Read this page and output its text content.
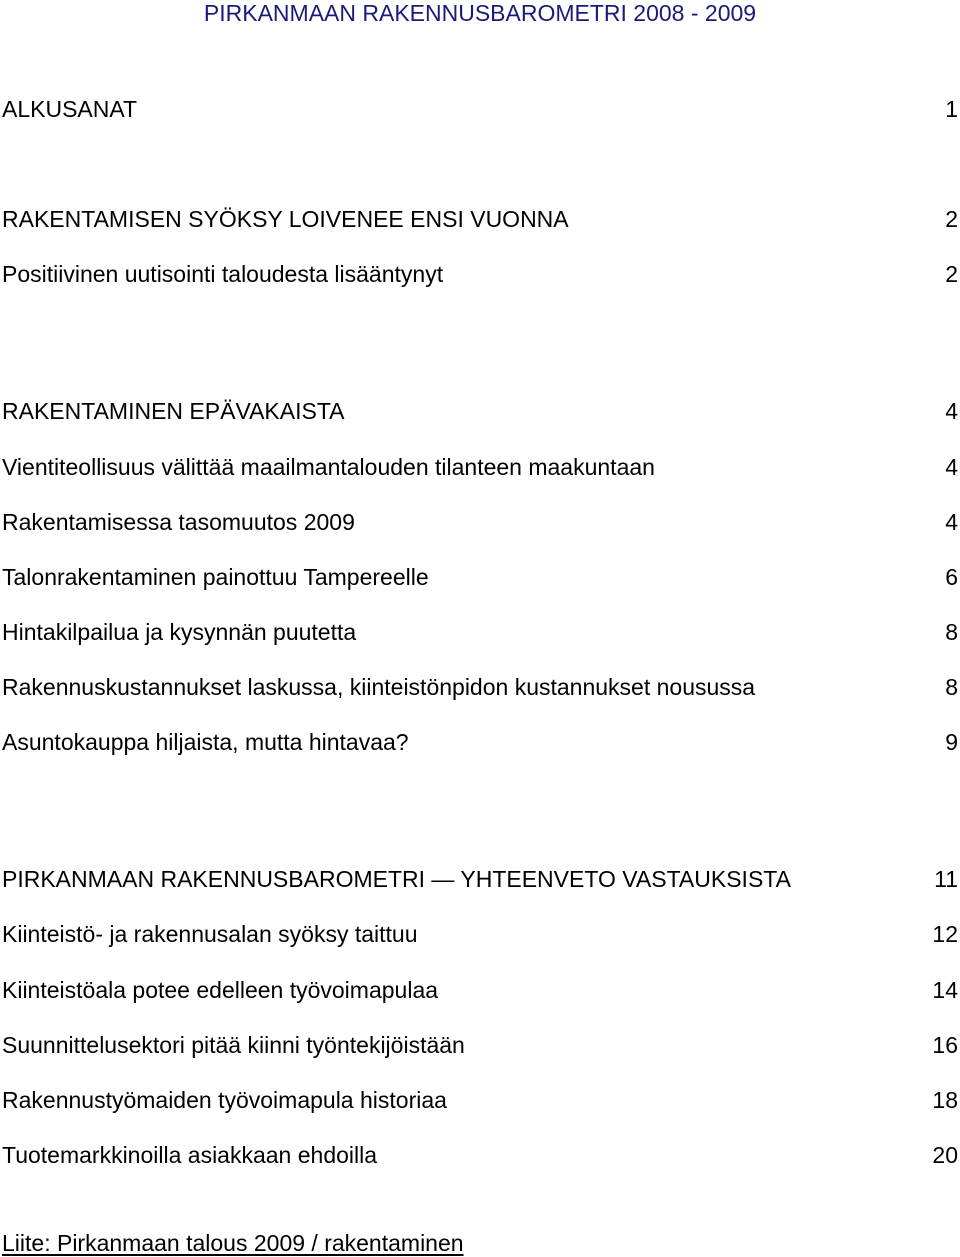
PIRKANMAAN RAKENNUSBAROMETRI 2008 - 2009
ALKUSANAT	1
RAKENTAMISEN SYÖKSY LOIVENEE ENSI VUONNA	2
Positiivinen uutisointi taloudesta lisääntynyt	2
RAKENTAMINEN EPÄVAKAISTA	4
Vientiteollisuus välittää maailmantalouden tilanteen maakuntaan	4
Rakentamisessa tasomuutos 2009	4
Talonrakentaminen painottuu Tampereelle	6
Hintakilpailua ja kysynnän puutetta	8
Rakennuskustannukset laskussa, kiinteistönpidon kustannukset nousussa	8
Asuntokauppa hiljaista, mutta hintavaa?	9
PIRKANMAAN RAKENNUSBAROMETRI — YHTEENVETO VASTAUKSISTA	11
Kiinteistö- ja rakennusalan syöksy taittuu	12
Kiinteistöala potee edelleen työvoimapulaa	14
Suunnittelusektori pitää kiinni työntekijöistään	16
Rakennustyömaiden työvoimapula historiaa	18
Tuotemarkkinoilla asiakkaan ehdoilla	20
Liite: Pirkanmaan talous 2009 / rakentaminen
